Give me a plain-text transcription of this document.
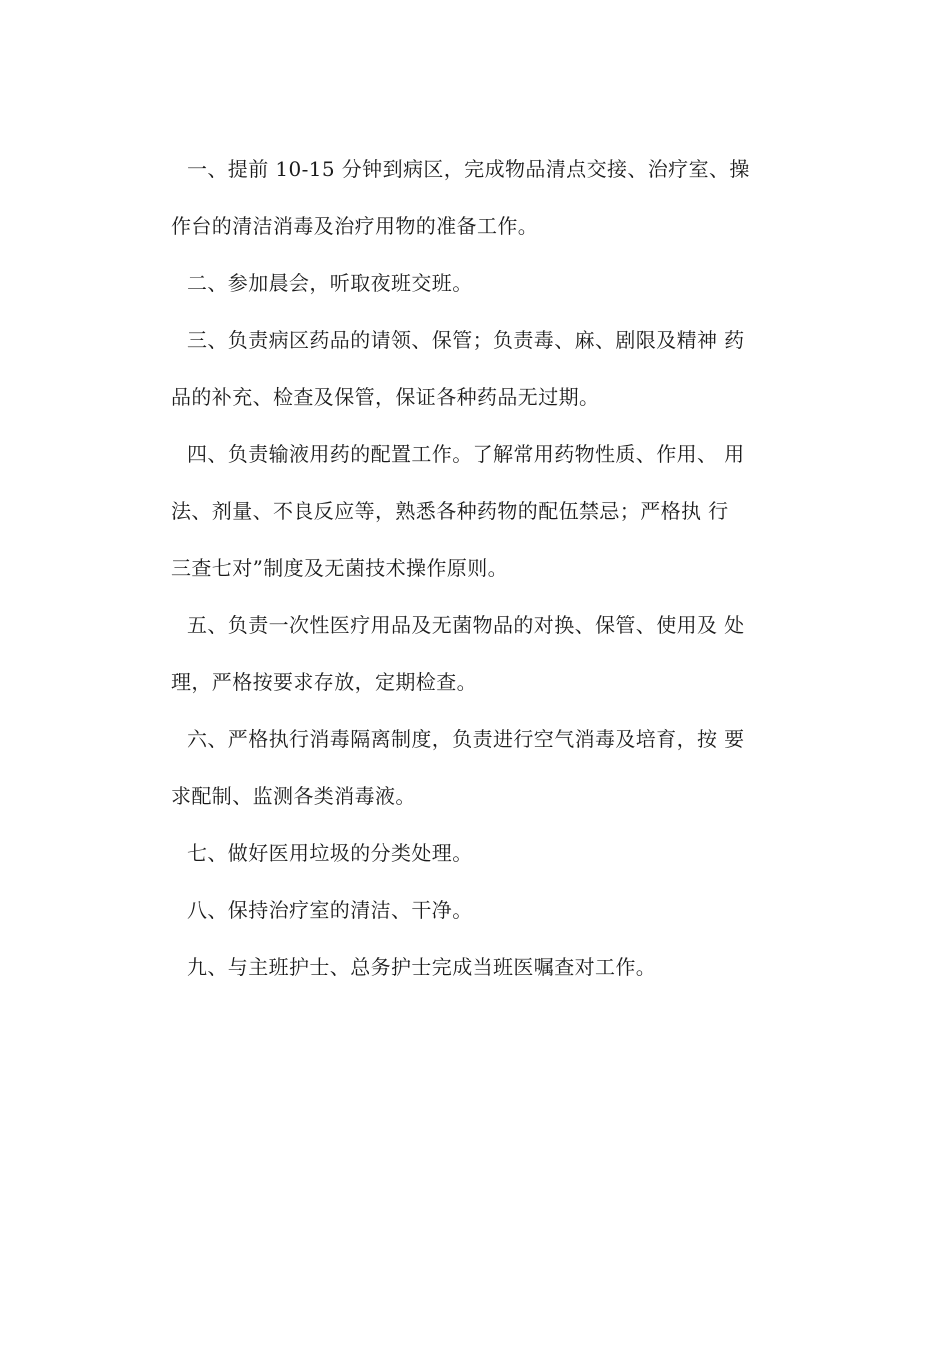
一、提前 10-15 分钟到病区，完成物品清点交接、治疗室、操
作台的清洁消毒及治疗用物的准备工作。
二、参加晨会，听取夜班交班。
三、负责病区药品的请领、保管；负责毒、麻、剧限及精神 药
品的补充、检查及保管，保证各种药品无过期。
四、负责输液用药的配置工作。了解常用药物性质、作用、 用
法、剂量、不良反应等，熟悉各种药物的配伍禁忌；严格执 行
三查七对”制度及无菌技术操作原则。
五、负责一次性医疗用品及无菌物品的对换、保管、使用及 处
理，严格按要求存放，定期检查。
六、严格执行消毒隔离制度，负责进行空气消毒及培育，按 要
求配制、监测各类消毒液。
七、做好医用垃圾的分类处理。
八、保持治疗室的清洁、干净。
九、与主班护士、总务护士完成当班医嘱查对工作。
